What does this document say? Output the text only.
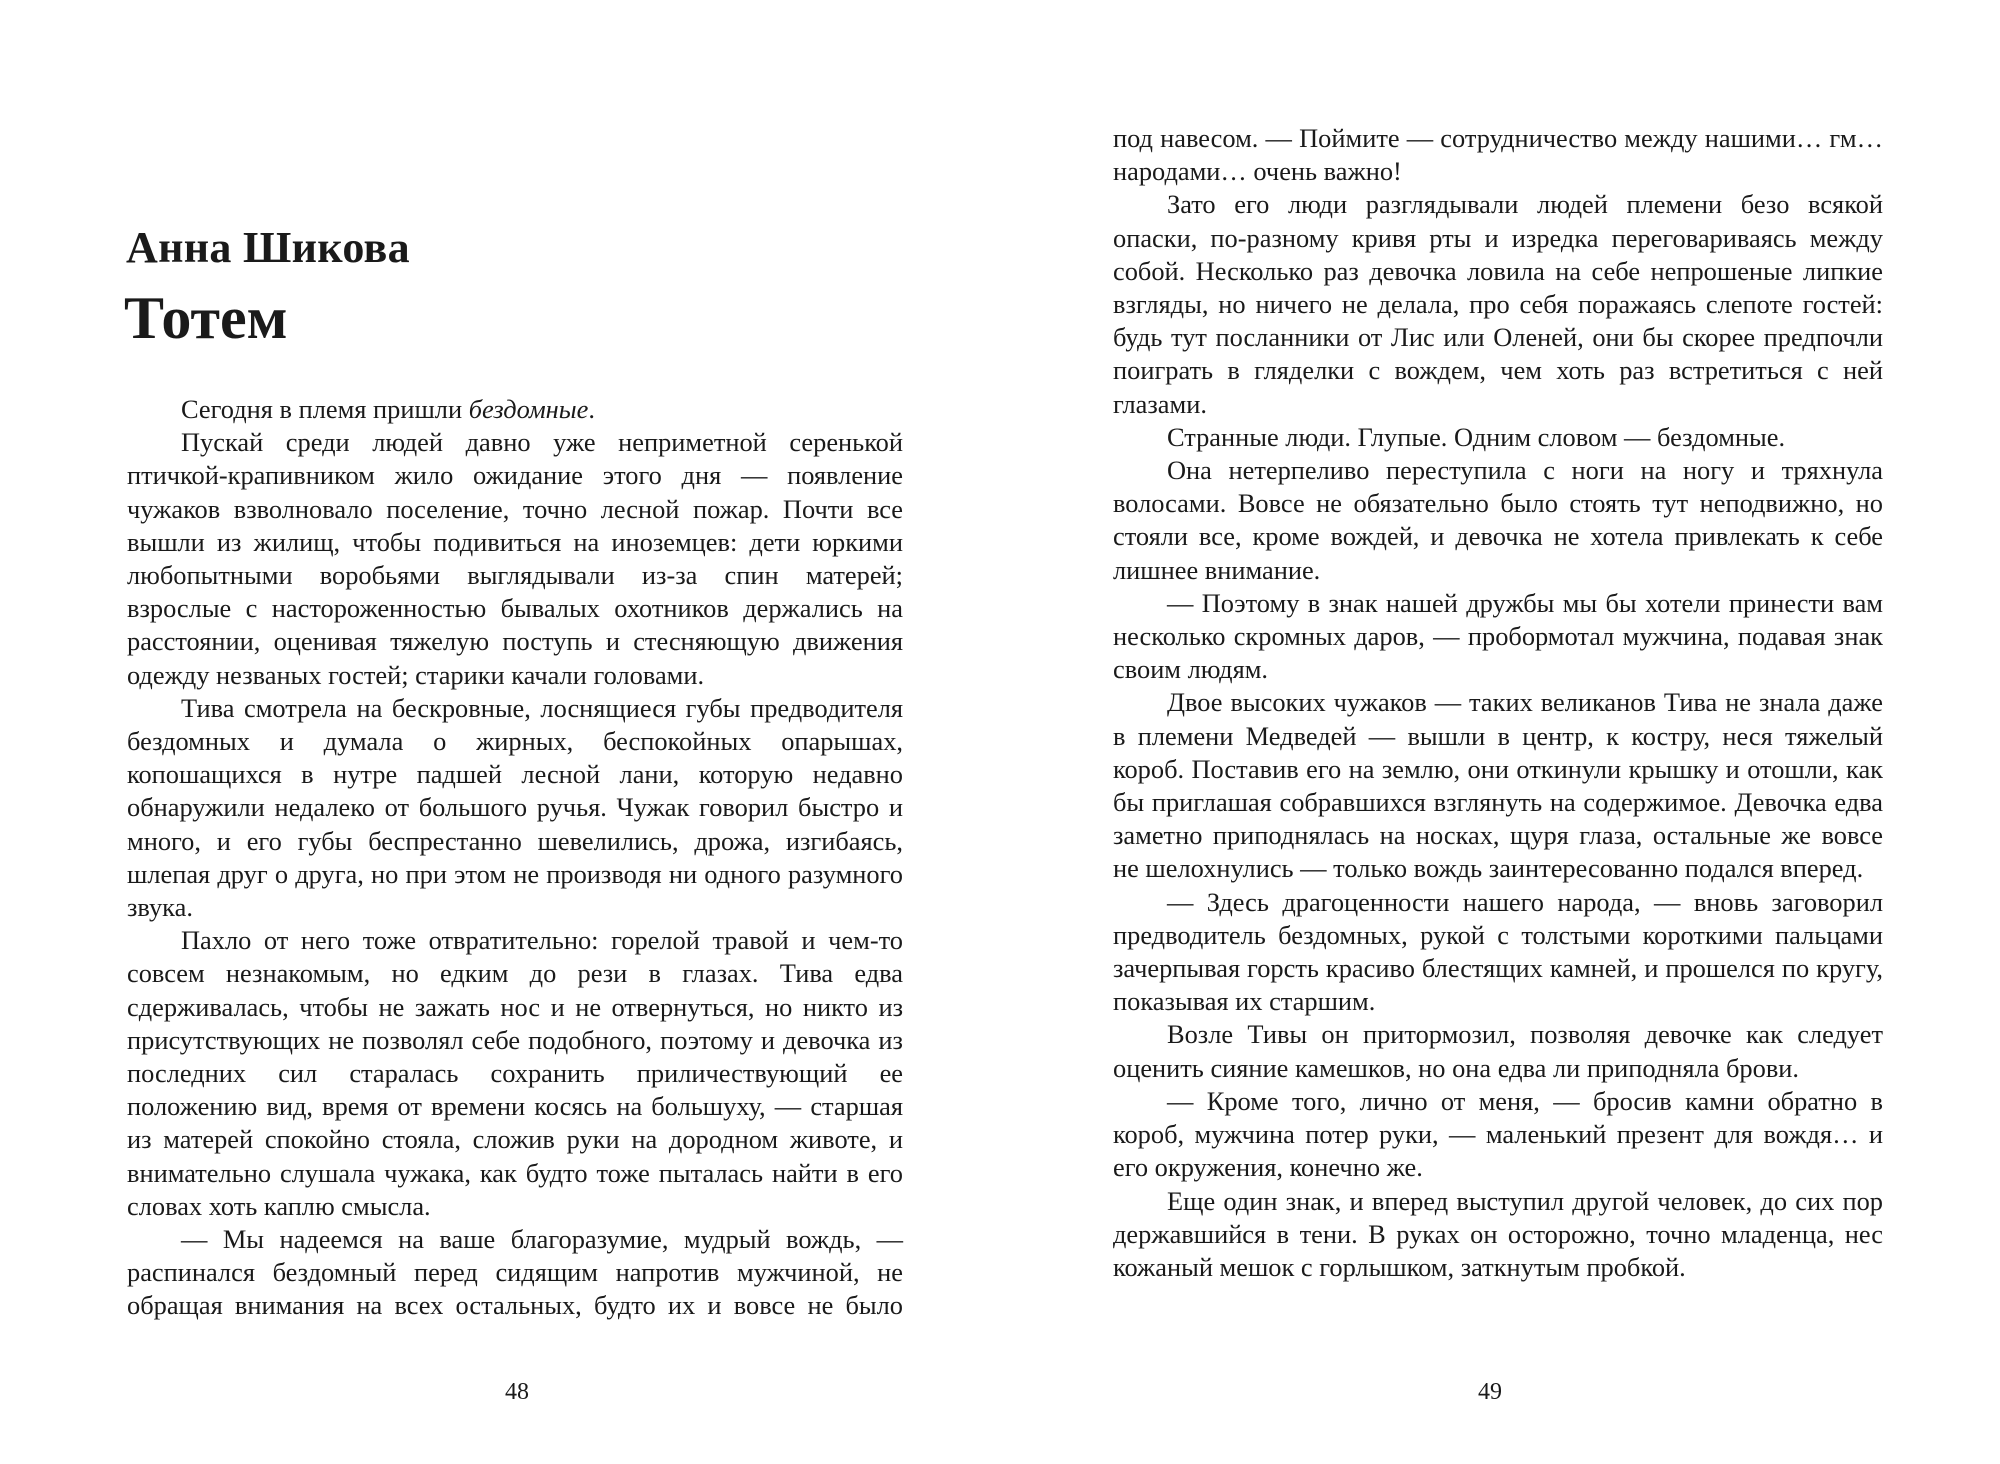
Анна Шикова
Тотем

Сегодня в племя пришли бездомные.

Пускай среди людей давно уже неприметной серенькой птичкой-крапивником жило ожидание этого дня — появление чужаков взволновало поселение, точно лесной пожар. Почти все вышли из жилищ, чтобы подивиться на иноземцев: дети юркими любопытными воробьями выглядывали из-за спин матерей; взрослые с настороженностью бывалых охотников держались на расстоянии, оценивая тяжелую поступь и стесняющую движения одежду незваных гостей; старики качали головами.

Тива смотрела на бескровные, лоснящиеся губы предводителя бездомных и думала о жирных, беспокойных опарышах, копошащихся в нутре падшей лесной лани, которую недавно обнаружили недалеко от большого ручья. Чужак говорил быстро и много, и его губы беспрестанно шевелились, дрожа, изгибаясь, шлепая друг о друга, но при этом не производя ни одного разумного звука.

Пахло от него тоже отвратительно: горелой травой и чем-то совсем незнакомым, но едким до рези в глазах. Тива едва сдерживалась, чтобы не зажать нос и не отвернуться, но никто из присутствующих не позволял себе подобного, поэтому и девочка из последних сил старалась сохранить приличествующий ее положению вид, время от времени косясь на большуху, — старшая из матерей спокойно стояла, сложив руки на дородном животе, и внимательно слушала чужака, как будто тоже пыталась найти в его словах хоть каплю смысла.

— Мы надеемся на ваше благоразумие, мудрый вождь, — распинался бездомный перед сидящим напротив мужчиной, не обращая внимания на всех остальных, будто их и вовсе не было

48

под навесом. — Поймите — сотрудничество между нашими… гм… народами… очень важно!

Зато его люди разглядывали людей племени безо всякой опаски, по-разному кривя рты и изредка переговариваясь между собой. Несколько раз девочка ловила на себе непрошеные липкие взгляды, но ничего не делала, про себя поражаясь слепоте гостей: будь тут посланники от Лис или Оленей, они бы скорее предпочли поиграть в гляделки с вождем, чем хоть раз встретиться с ней глазами.

Странные люди. Глупые. Одним словом — бездомные.

Она нетерпеливо переступила с ноги на ногу и тряхнула волосами. Вовсе не обязательно было стоять тут неподвижно, но стояли все, кроме вождей, и девочка не хотела привлекать к себе лишнее внимание.

— Поэтому в знак нашей дружбы мы бы хотели принести вам несколько скромных даров, — пробормотал мужчина, подавая знак своим людям.

Двое высоких чужаков — таких великанов Тива не знала даже в племени Медведей — вышли в центр, к костру, неся тяжелый короб. Поставив его на землю, они откинули крышку и отошли, как бы приглашая собравшихся взглянуть на содержимое. Девочка едва заметно приподнялась на носках, щуря глаза, остальные же вовсе не шелохнулись — только вождь заинтересованно подался вперед.

— Здесь драгоценности нашего народа, — вновь заговорил предводитель бездомных, рукой с толстыми короткими пальцами зачерпывая горсть красиво блестящих камней, и прошелся по кругу, показывая их старшим.

Возле Тивы он притормозил, позволяя девочке как следует оценить сияние камешков, но она едва ли приподняла брови.

— Кроме того, лично от меня, — бросив камни обратно в короб, мужчина потер руки, — маленький презент для вождя… и его окружения, конечно же.

Еще один знак, и вперед выступил другой человек, до сих пор державшийся в тени. В руках он осторожно, точно младенца, нес кожаный мешок с горлышком, заткнутым пробкой.

49
